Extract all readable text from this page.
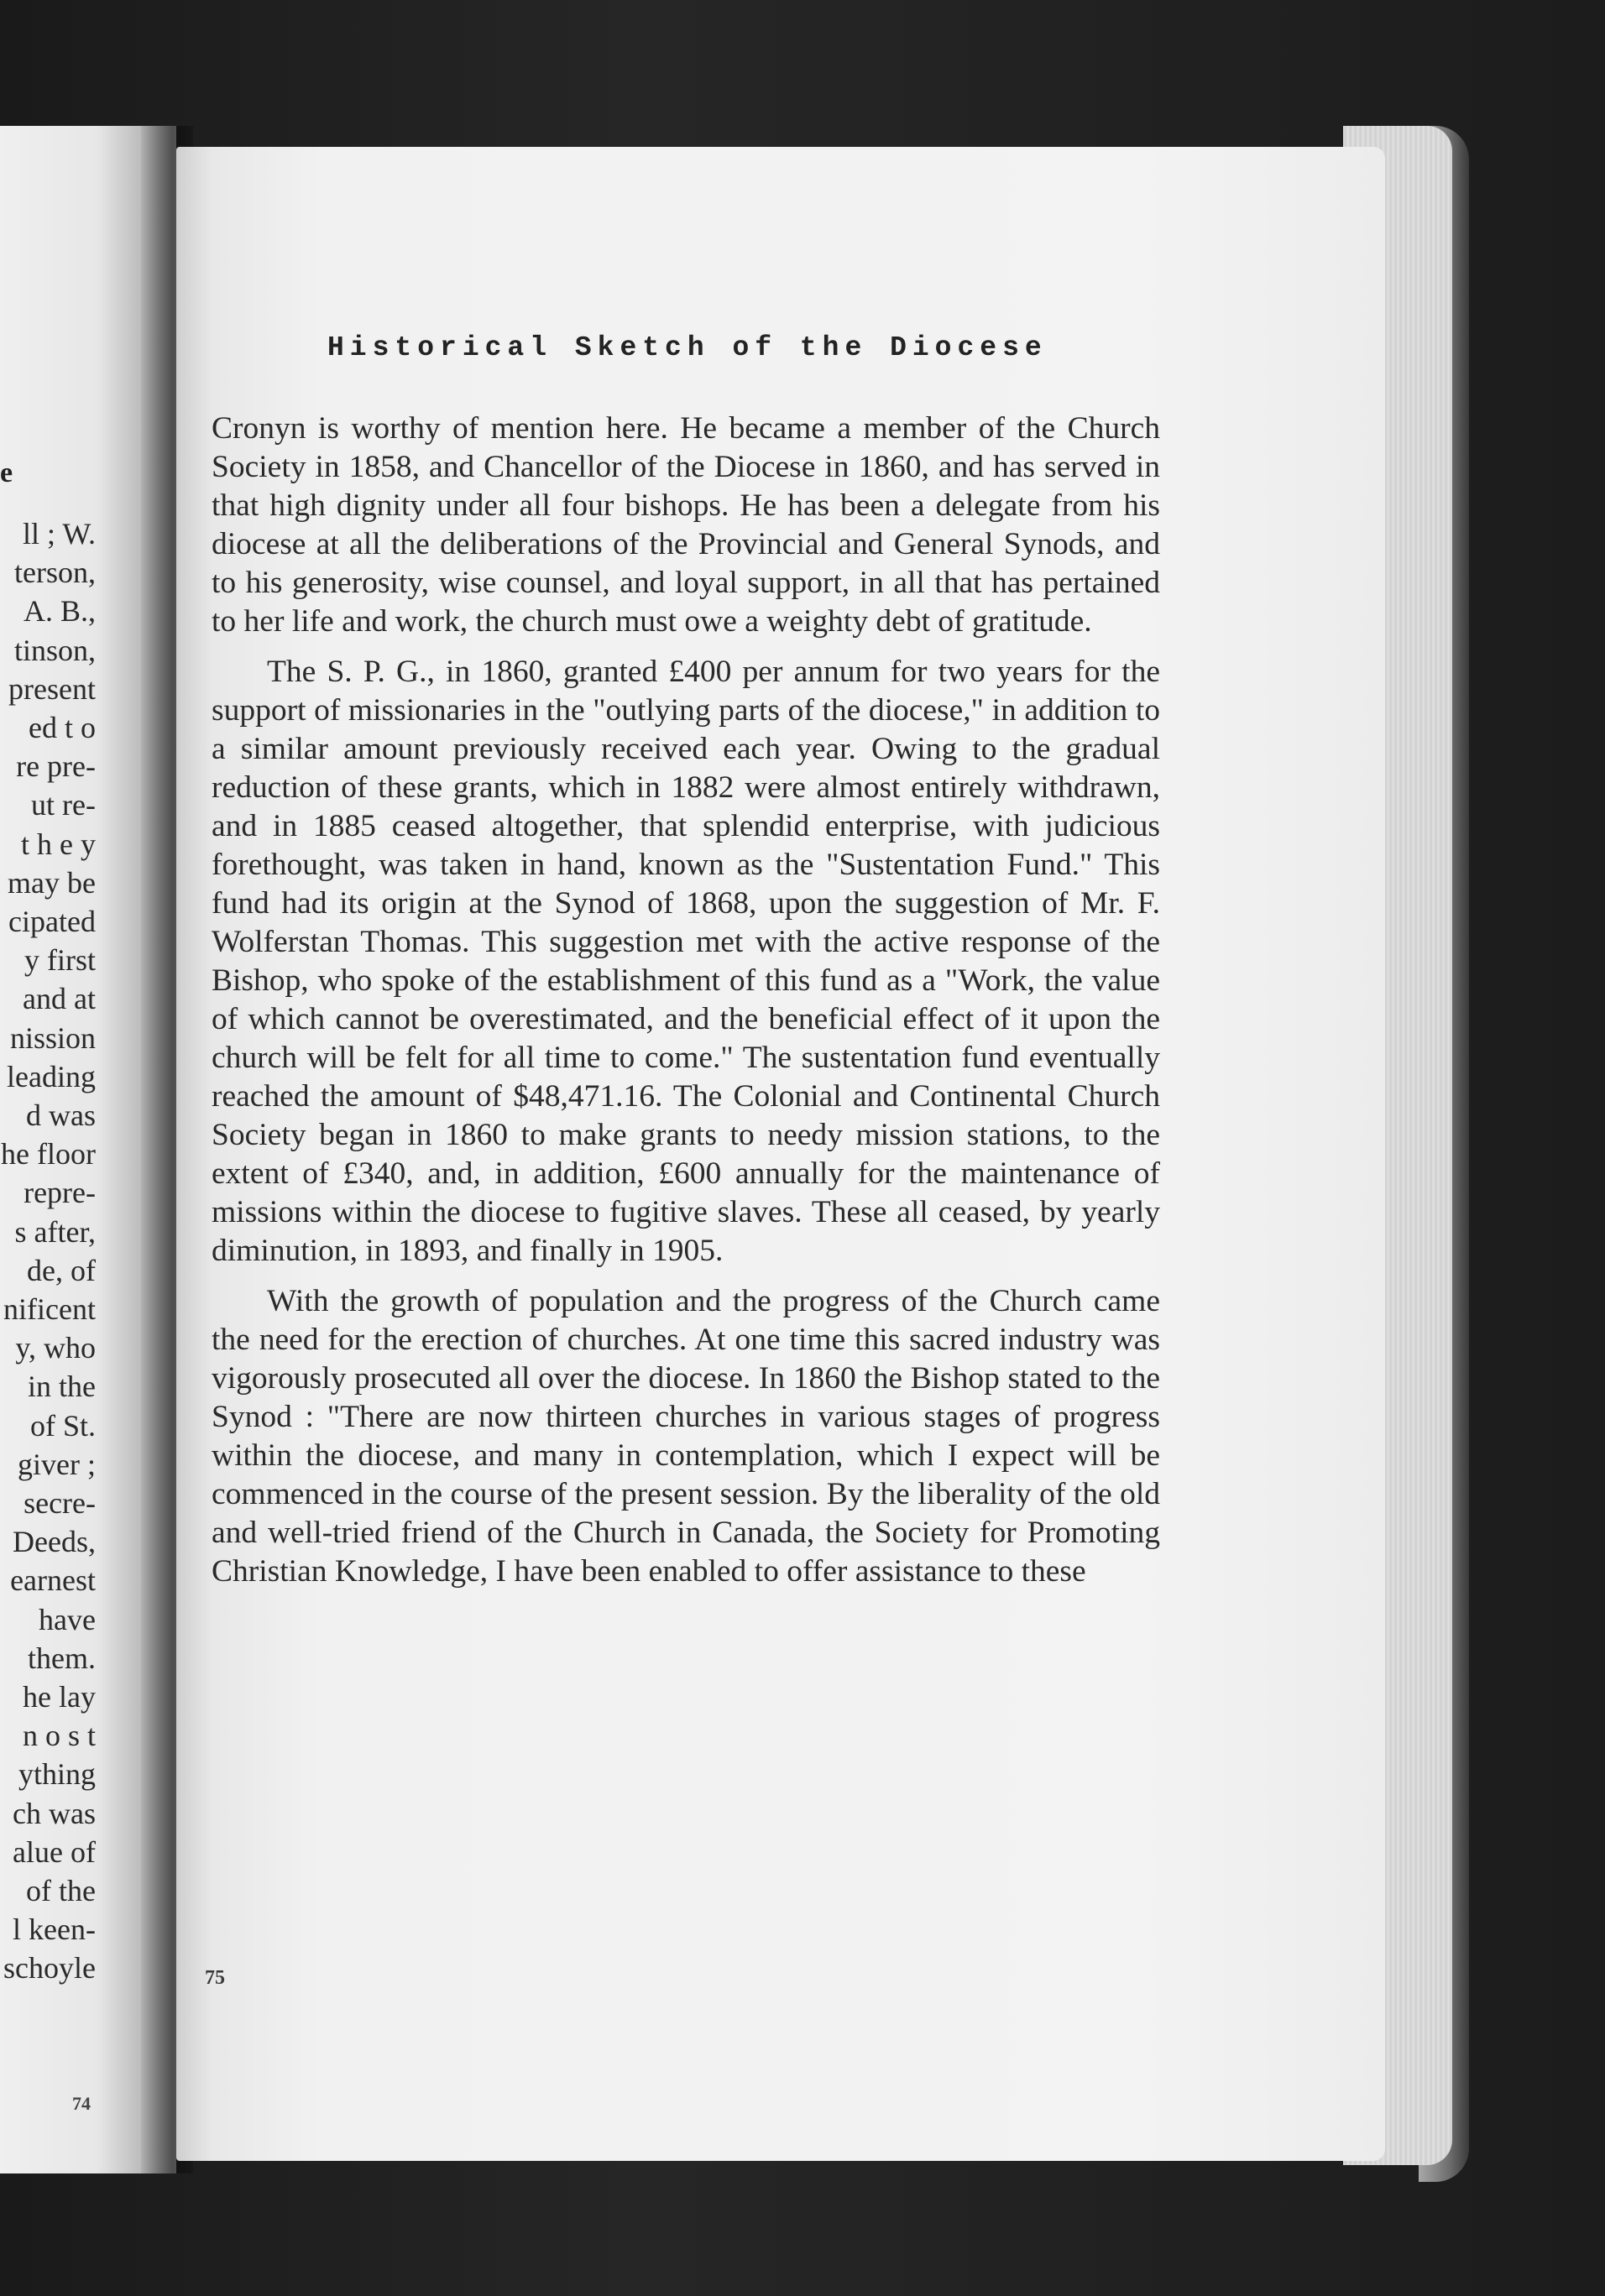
e
74
ll ; W.
terson,
A. B.,
tinson,
present
ed t o
re pre-
ut re-
t h e y
may be
cipated
y first
and at
nission
leading
d was
he floor
repre-
s after,
de, of
nificent
y, who
in the
of St.
giver ;
secre-
Deeds,
earnest
have
them.
he lay
n o s t
ything
ch was
alue of
of the
l keen-
schoyle
Historical Sketch of the Diocese

Cronyn is worthy of mention here. He became a member of the Church Society in 1858, and Chancellor of the Diocese in 1860, and has served in that high dignity under all four bishops. He has been a delegate from his diocese at all the deliberations of the Provincial and General Synods, and to his generosity, wise counsel, and loyal support, in all that has pertained to her life and work, the church must owe a weighty debt of gratitude.

The S. P. G., in 1860, granted £400 per annum for two years for the support of missionaries in the "outlying parts of the diocese," in addition to a similar amount previously received each year. Owing to the gradual reduction of these grants, which in 1882 were almost entirely withdrawn, and in 1885 ceased altogether, that splendid enterprise, with judicious forethought, was taken in hand, known as the "Sustentation Fund." This fund had its origin at the Synod of 1868, upon the suggestion of Mr. F. Wolferstan Thomas. This suggestion met with the active response of the Bishop, who spoke of the establishment of this fund as a "Work, the value of which cannot be overestimated, and the beneficial effect of it upon the church will be felt for all time to come." The sustentation fund eventually reached the amount of $48,471.16. The Colonial and Continental Church Society began in 1860 to make grants to needy mission stations, to the extent of £340, and, in addition, £600 annually for the maintenance of missions within the diocese to fugitive slaves. These all ceased, by yearly diminution, in 1893, and finally in 1905.

With the growth of population and the progress of the Church came the need for the erection of churches. At one time this sacred industry was vigorously prosecuted all over the diocese. In 1860 the Bishop stated to the Synod : "There are now thirteen churches in various stages of progress within the diocese, and many in contemplation, which I expect will be commenced in the course of the present session. By the liberality of the old and well-tried friend of the Church in Canada, the Society for Promoting Christian Knowledge, I have been enabled to offer assistance to these

75
